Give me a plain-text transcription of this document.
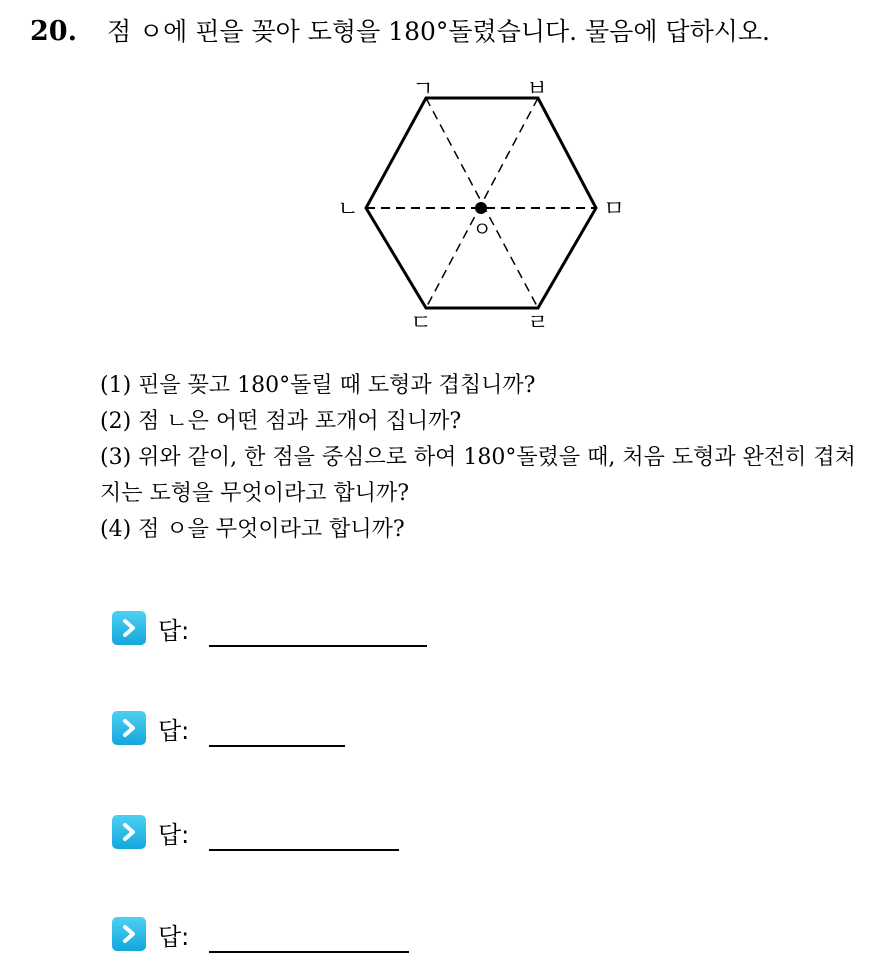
20. 점 ㅇ에 핀을 꽂아 도형을 180°돌렸습니다. 물음에 답하시오.
ㄱ	ㅂ
ㅁ
ㄹ
ㄷ
ㄴ
ㅇ
(1) 핀을 꽂고 180°돌릴 때 도형과 겹칩니까?
(2) 점 ㄴ은 어떤 점과 포개어 집니까?
(3) 위와 같이, 한 점을 중심으로 하여 180°돌렸을 때, 처음 도형과 완전히 겹쳐지는 도형을 무엇이라고 합니까?
(4) 점 ㅇ을 무엇이라고 합니까?
답:
답:
답:
답:
